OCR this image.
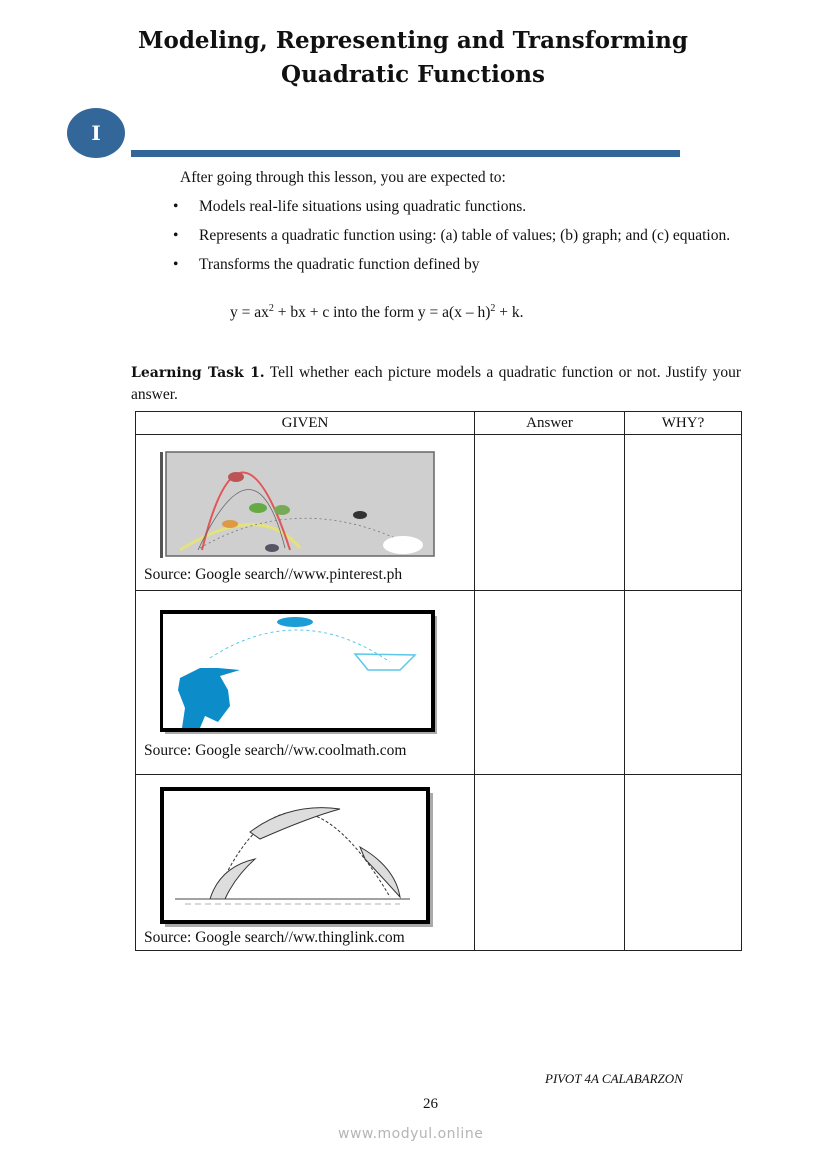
Modeling, Representing and Transforming
Quadratic Functions
I
After going through this lesson, you are expected to:
• Models real-life situations using quadratic functions.
• Represents a quadratic function using: (a) table of values; (b) graph; and (c) equation.
• Transforms the quadratic function defined by
$y = ax^2$ + bx + c into the form y = a(x – h)$^2$ + k.
Learning Task 1. Tell whether each picture models a quadratic function or not. Justify your answer.
GIVEN	Answer	WHY?

Source: Google search//www.pinterest.ph		

Source: Google search//ww.coolmath.com		

Source: Google search//ww.thinglink.com		

PIVOT 4A CALABARZON
26
www.modyul.online
